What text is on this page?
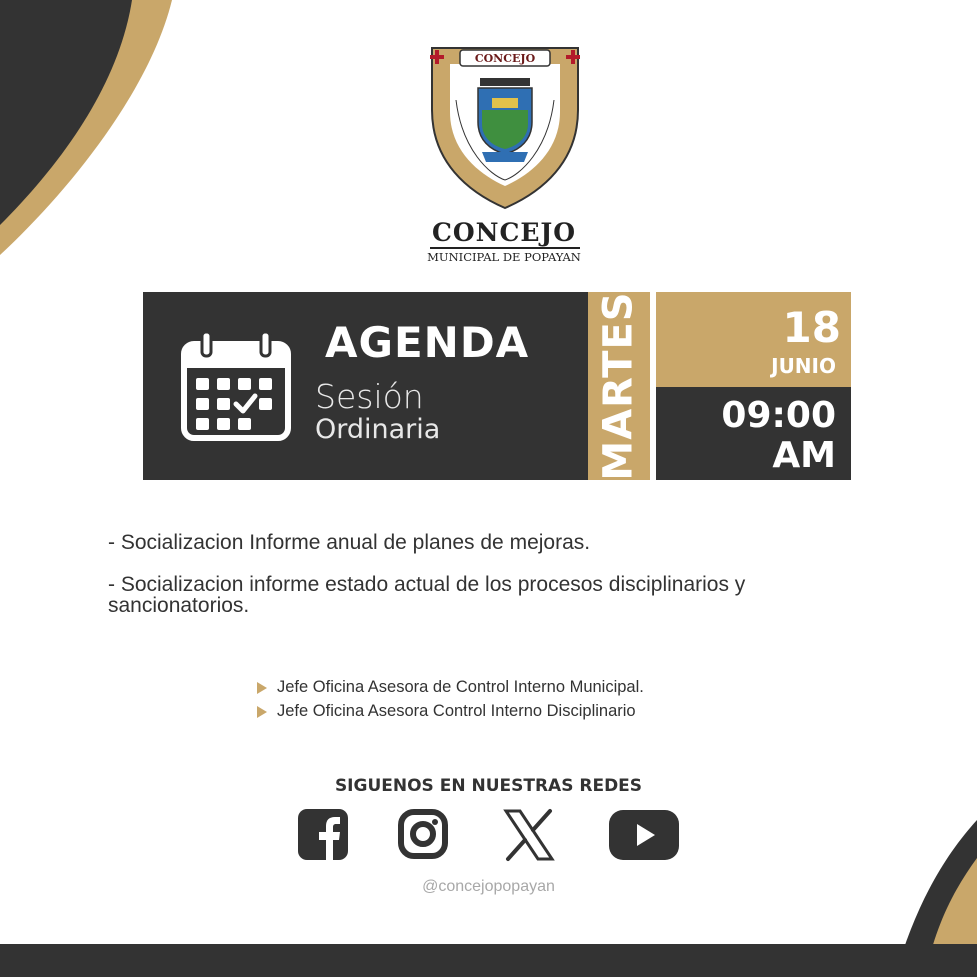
CONCEJO
CONCEJO
MUNICIPAL DE POPAYAN
AGENDA
Sesión
Ordinaria	MARTES	18
JUNIO
09:00
AM
- Socializacion Informe anual de planes de mejoras.
- Socializacion informe estado actual de los procesos disciplinarios y sancionatorios.
Jefe Oficina Asesora de Control Interno Municipal.
Jefe Oficina Asesora Control Interno Disciplinario
SIGUENOS EN NUESTRAS REDES
@concejopopayan
